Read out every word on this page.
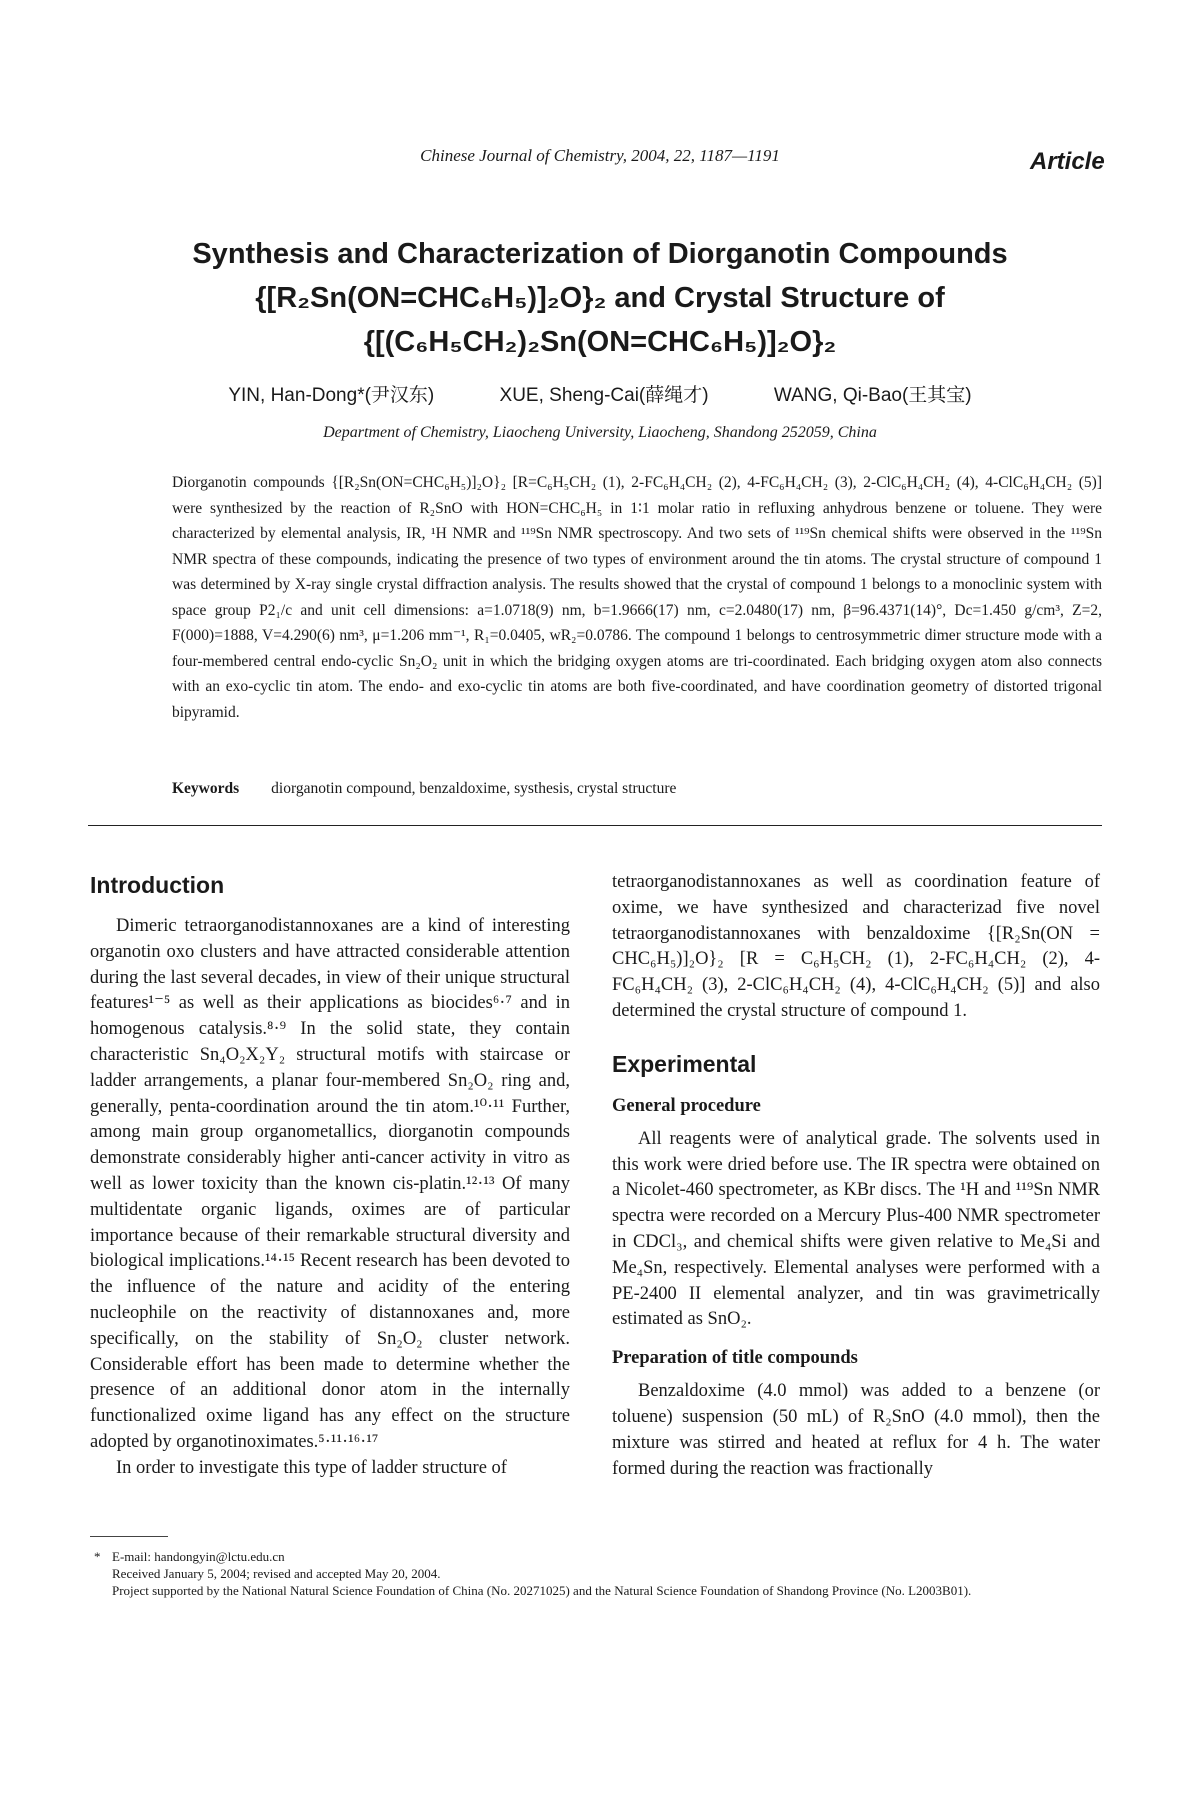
Chinese Journal of Chemistry, 2004, 22, 1187—1191	Article
Synthesis and Characterization of Diorganotin Compounds
{[R₂Sn(ON=CHC₆H₅)]₂O}₂ and Crystal Structure of
{[(C₆H₅CH₂)₂Sn(ON=CHC₆H₅)]₂O}₂
YIN, Han-Dong*(尹汉东)	XUE, Sheng-Cai(薛绳才)	WANG, Qi-Bao(王其宝)
Department of Chemistry, Liaocheng University, Liaocheng, Shandong 252059, China
Diorganotin compounds {[R₂Sn(ON=CHC₆H₅)]₂O}₂ [R=C₆H₅CH₂ (1), 2-FC₆H₄CH₂ (2), 4-FC₆H₄CH₂ (3), 2-ClC₆H₄CH₂ (4), 4-ClC₆H₄CH₂ (5)] were synthesized by the reaction of R₂SnO with HON=CHC₆H₅ in 1∶1 molar ratio in refluxing anhydrous benzene or toluene. They were characterized by elemental analysis, IR, ¹H NMR and ¹¹⁹Sn NMR spectroscopy. And two sets of ¹¹⁹Sn chemical shifts were observed in the ¹¹⁹Sn NMR spectra of these compounds, indicating the presence of two types of environment around the tin atoms. The crystal structure of compound 1 was determined by X-ray single crystal diffraction analysis. The results showed that the crystal of compound 1 belongs to a monoclinic system with space group P2₁/c and unit cell dimensions: a=1.0718(9) nm, b=1.9666(17) nm, c=2.0480(17) nm, β=96.4371(14)°, Dc=1.450 g/cm³, Z=2, F(000)=1888, V=4.290(6) nm³, μ=1.206 mm⁻¹, R₁=0.0405, wR₂=0.0786. The compound 1 belongs to centrosymmetric dimer structure mode with a four-membered central endo-cyclic Sn₂O₂ unit in which the bridging oxygen atoms are tri-coordinated. Each bridging oxygen atom also connects with an exo-cyclic tin atom. The endo- and exo-cyclic tin atoms are both five-coordinated, and have coordination geometry of distorted trigonal bipyramid.
Keywords diorganotin compound, benzaldoxime, systhesis, crystal structure
Introduction

Dimeric tetraorganodistannoxanes are a kind of interesting organotin oxo clusters and have attracted considerable attention during the last several decades, in view of their unique structural features¹⁻⁵ as well as their applications as biocides⁶·⁷ and in homogenous catalysis.⁸·⁹ In the solid state, they contain characteristic Sn₄O₂X₂Y₂ structural motifs with staircase or ladder arrangements, a planar four-membered Sn₂O₂ ring and, generally, penta-coordination around the tin atom.¹⁰·¹¹ Further, among main group organometallics, diorganotin compounds demonstrate considerably higher anti-cancer activity in vitro as well as lower toxicity than the known cis-platin.¹²·¹³ Of many multidentate organic ligands, oximes are of particular importance because of their remarkable structural diversity and biological implications.¹⁴·¹⁵ Recent research has been devoted to the influence of the nature and acidity of the entering nucleophile on the reactivity of distannoxanes and, more specifically, on the stability of Sn₂O₂ cluster network. Considerable effort has been made to determine whether the presence of an additional donor atom in the internally functionalized oxime ligand has any effect on the structure adopted by organotinoximates.⁵·¹¹·¹⁶·¹⁷

In order to investigate this type of ladder structure of

tetraorganodistannoxanes as well as coordination feature of oxime, we have synthesized and characterizad five novel tetraorganodistannoxanes with benzaldoxime {[R₂Sn(ON = CHC₆H₅)]₂O}₂ [R = C₆H₅CH₂ (1), 2-FC₆H₄CH₂ (2), 4-FC₆H₄CH₂ (3), 2-ClC₆H₄CH₂ (4), 4-ClC₆H₄CH₂ (5)] and also determined the crystal structure of compound 1.

Experimental
General procedure

All reagents were of analytical grade. The solvents used in this work were dried before use. The IR spectra were obtained on a Nicolet-460 spectrometer, as KBr discs. The ¹H and ¹¹⁹Sn NMR spectra were recorded on a Mercury Plus-400 NMR spectrometer in CDCl₃, and chemical shifts were given relative to Me₄Si and Me₄Sn, respectively. Elemental analyses were performed with a PE-2400 II elemental analyzer, and tin was gravimetrically estimated as SnO₂.

Preparation of title compounds

Benzaldoxime (4.0 mmol) was added to a benzene (or toluene) suspension (50 mL) of R₂SnO (4.0 mmol), then the mixture was stirred and heated at reflux for 4 h. The water formed during the reaction was fractionally

* E-mail: handongyin@lctu.edu.cn
Received January 5, 2004; revised and accepted May 20, 2004.
Project supported by the National Natural Science Foundation of China (No. 20271025) and the Natural Science Foundation of Shandong Province (No. L2003B01).
